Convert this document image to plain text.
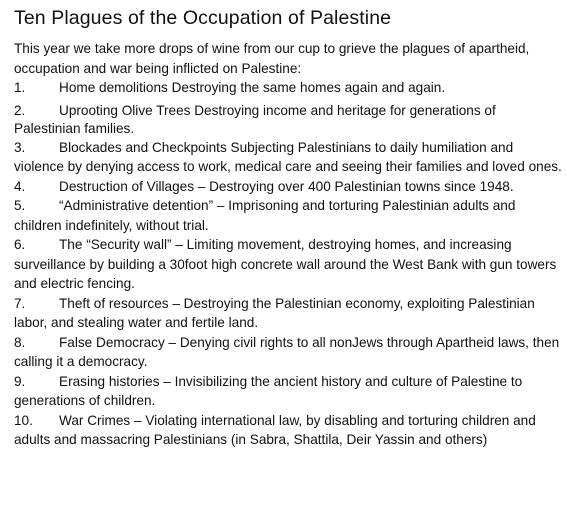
Ten Plagues of the Occupation of Palestine

This year we take more drops of wine from our cup to grieve the plagues of apartheid, occupation and war being inflicted on Palestine:

1. Home demolitions Destroying the same homes again and again.
2. Uprooting Olive Trees Destroying income and heritage for generations of Palestinian families.
3. Blockades and Checkpoints Subjecting Palestinians to daily humiliation and violence by denying access to work, medical care and seeing their families and loved ones.
4. Destruction of Villages – Destroying over 400 Palestinian towns since 1948.
5. “Administrative detention” – Imprisoning and torturing Palestinian adults and children indefinitely, without trial.
6. The “Security wall” – Limiting movement, destroying homes, and increasing surveillance by building a 30foot high concrete wall around the West Bank with gun towers and electric fencing.
7. Theft of resources – Destroying the Palestinian economy, exploiting Palestinian labor, and stealing water and fertile land.
8. False Democracy – Denying civil rights to all nonJews through Apartheid laws, then calling it a democracy.
9. Erasing histories – Invisibilizing the ancient history and culture of Palestine to generations of children.
10. War Crimes – Violating international law, by disabling and torturing children and adults and massacring Palestinians (in Sabra, Shattila, Deir Yassin and others)
